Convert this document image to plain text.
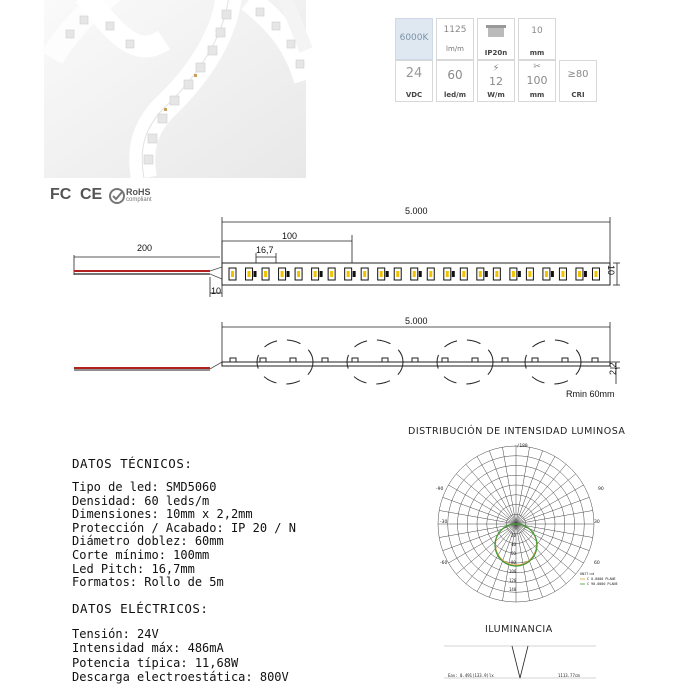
6000K
1125
lm/m	IP20n
10
mm
24
VDC
60
led/m
⚡
12
W/m
✂
100
mm
≥80
CRI
FC CE	RoHS
compliant
5.000
100
16,7
200
10
10
5.000
2,2
Rmin 60mm
DATOS TÉCNICOS:
Tipo de led: SMD5060
Densidad: 60 leds/m
Dimensiones: 10mm x 2,2mm
Protección / Acabado: IP 20 / N
Diámetro doblez: 60mm
Corte mínimo: 100mm
Led Pitch: 16,7mm
Formatos: Rollo de 5m
DATOS ELÉCTRICOS:
Tensión: 24V
Intensidad máx: 486mA
Potencia típica: 11,68W
Descarga electroestática: 800V
DISTRIBUCIÓN DE INTENSIDAD LUMINOSA
-/180
-30	30
-60	60
-90	90
20
40
60
80
100
120
140
UNIT:cd
C 0.0000 PLANE
C 90.0000 PLANE
ILUMINANCIA
Eav: 0.491(133.9)lx	1113.77cm
